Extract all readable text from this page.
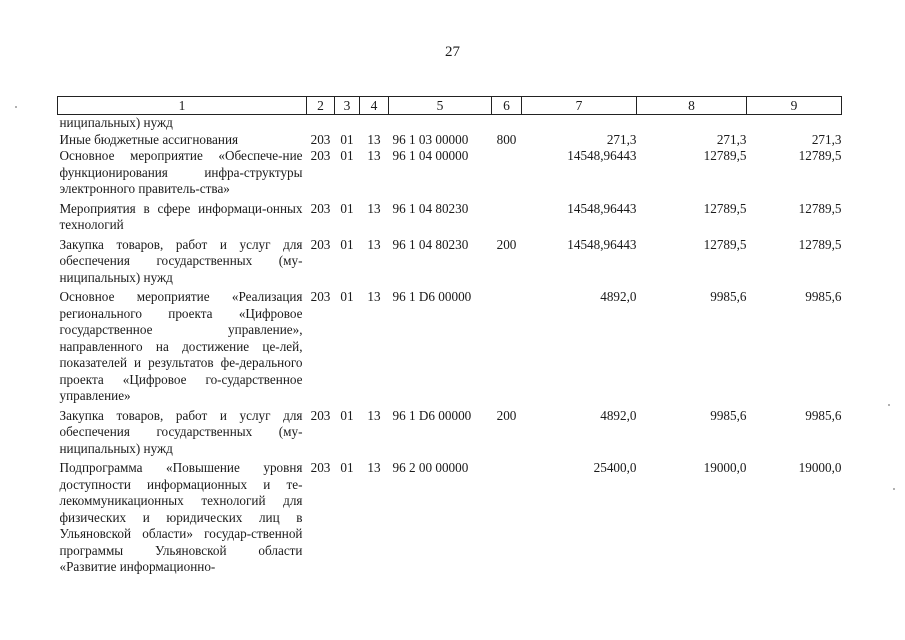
27
1	2	3	4	5	6	7	8	9
ниципальных) нужд								
Иные бюджетные ассигнования	203	01	13	96 1 03 00000	800	271,3	271,3	271,3
Основное мероприятие «Обеспече-ние функционирования инфра-структуры электронного правитель-ства»	203	01	13	96 1 04 00000		14548,96443	12789,5	12789,5
Мероприятия в сфере информаци-онных технологий	203	01	13	96 1 04 80230		14548,96443	12789,5	12789,5
Закупка товаров, работ и услуг для обеспечения государственных (му-ниципальных) нужд	203	01	13	96 1 04 80230	200	14548,96443	12789,5	12789,5
Основное мероприятие «Реализация регионального проекта «Цифровое государственное управление», направленного на достижение це-лей, показателей и результатов фе-дерального проекта «Цифровое го-сударственное управление»	203	01	13	96 1 D6 00000		4892,0	9985,6	9985,6
Закупка товаров, работ и услуг для обеспечения государственных (му-ниципальных) нужд	203	01	13	96 1 D6 00000	200	4892,0	9985,6	9985,6
Подпрограмма «Повышение уровня доступности информационных и те-лекоммуникационных технологий для физических и юридических лиц в Ульяновской области» государ-ственной программы Ульяновской области «Развитие информационно-	203	01	13	96 2 00 00000		25400,0	19000,0	19000,0
